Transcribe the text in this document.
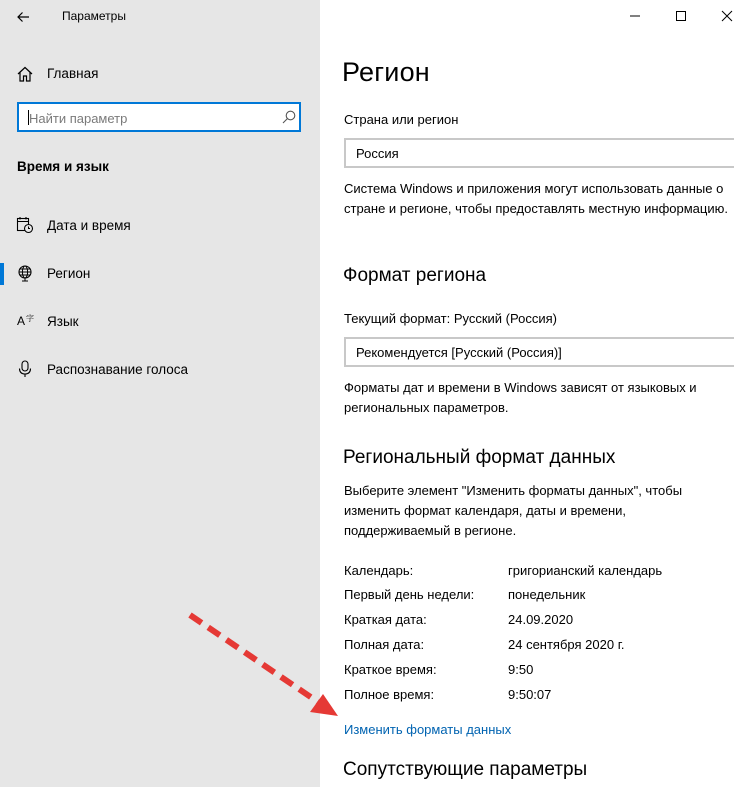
Параметры
Главная
Найти параметр
Время и язык
Дата и время
Регион
A 字 Язык
Распознавание голоса
Регион
Страна или регион
Россия
Система Windows и приложения могут использовать данные о стране и регионе, чтобы предоставлять местную информацию.
Формат региона
Текущий формат: Русский (Россия)
Рекомендуется [Русский (Россия)]
Форматы дат и времени в Windows зависят от языковых и региональных параметров.
Региональный формат данных
Выберите элемент "Изменить форматы данных", чтобы изменить формат календаря, даты и времени, поддерживаемый в регионе.
Календарь:	григорианский календарь
Первый день недели:	понедельник
Краткая дата:	24.09.2020
Полная дата:	24 сентября 2020 г.
Краткое время:	9:50
Полное время:	9:50:07
Изменить форматы данных
Сопутствующие параметры
